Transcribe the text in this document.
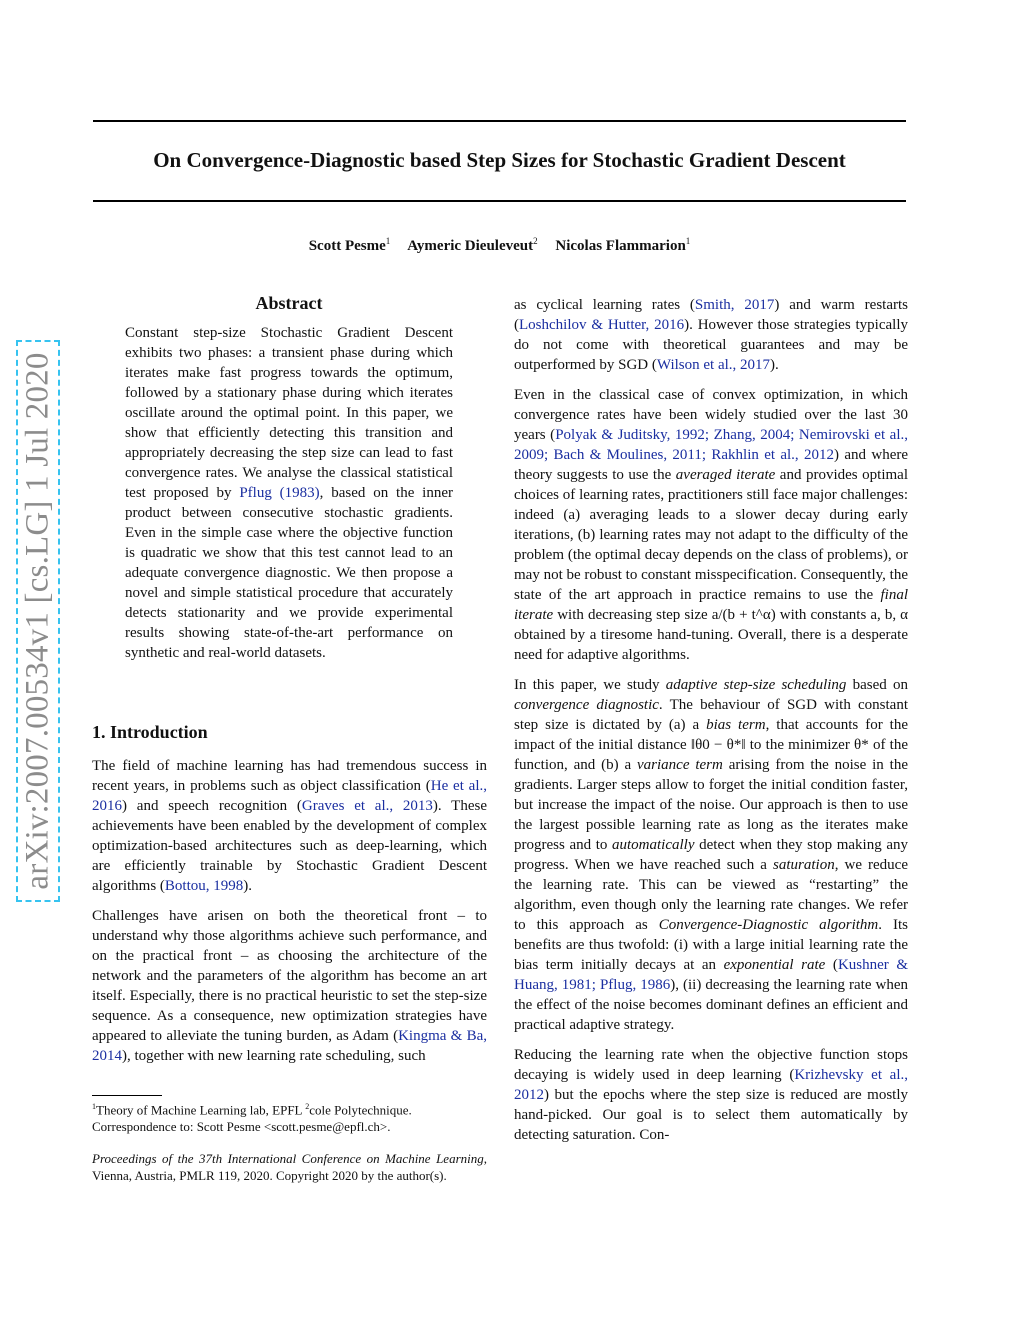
On Convergence-Diagnostic based Step Sizes for Stochastic Gradient Descent
Scott Pesme$^1$ Aymeric Dieuleveut$^2$ Nicolas Flammarion$^1$
arXiv:2007.00534v1 [cs.LG] 1 Jul 2020
Abstract

Constant step-size Stochastic Gradient Descent exhibits two phases: a transient phase during which iterates make fast progress towards the optimum, followed by a stationary phase during which iterates oscillate around the optimal point. In this paper, we show that efficiently detecting this transition and appropriately decreasing the step size can lead to fast convergence rates. We analyse the classical statistical test proposed by Pflug (1983), based on the inner product between consecutive stochastic gradients. Even in the simple case where the objective function is quadratic we show that this test cannot lead to an adequate convergence diagnostic. We then propose a novel and simple statistical procedure that accurately detects stationarity and we provide experimental results showing state-of-the-art performance on synthetic and real-world datasets.

1. Introduction

The field of machine learning has had tremendous success in recent years, in problems such as object classification (He et al., 2016) and speech recognition (Graves et al., 2013). These achievements have been enabled by the development of complex optimization-based architectures such as deep-learning, which are efficiently trainable by Stochastic Gradient Descent algorithms (Bottou, 1998).

Challenges have arisen on both the theoretical front – to understand why those algorithms achieve such performance, and on the practical front – as choosing the architecture of the network and the parameters of the algorithm has become an art itself. Especially, there is no practical heuristic to set the step-size sequence. As a consequence, new optimization strategies have appeared to alleviate the tuning burden, as Adam (Kingma & Ba, 2014), together with new learning rate scheduling, such

$^1$Theory of Machine Learning lab, EPFL $^2$cole Polytechnique. Correspondence to: Scott Pesme <scott.pesme@epfl.ch>.
Proceedings of the 37th International Conference on Machine Learning, Vienna, Austria, PMLR 119, 2020. Copyright 2020 by the author(s).

as cyclical learning rates (Smith, 2017) and warm restarts (Loshchilov & Hutter, 2016). However those strategies typically do not come with theoretical guarantees and may be outperformed by SGD (Wilson et al., 2017).

Even in the classical case of convex optimization, in which convergence rates have been widely studied over the last 30 years (Polyak & Juditsky, 1992; Zhang, 2004; Nemirovski et al., 2009; Bach & Moulines, 2011; Rakhlin et al., 2012) and where theory suggests to use the averaged iterate and provides optimal choices of learning rates, practitioners still face major challenges: indeed (a) averaging leads to a slower decay during early iterations, (b) learning rates may not adapt to the difficulty of the problem (the optimal decay depends on the class of problems), or may not be robust to constant misspecification. Consequently, the state of the art approach in practice remains to use the final iterate with decreasing step size a/(b + t^α) with constants a, b, α obtained by a tiresome hand-tuning. Overall, there is a desperate need for adaptive algorithms.

In this paper, we study adaptive step-size scheduling based on convergence diagnostic. The behaviour of SGD with constant step size is dictated by (a) a bias term, that accounts for the impact of the initial distance ‖θ0 − θ*‖ to the minimizer θ* of the function, and (b) a variance term arising from the noise in the gradients. Larger steps allow to forget the initial condition faster, but increase the impact of the noise. Our approach is then to use the largest possible learning rate as long as the iterates make progress and to automatically detect when they stop making any progress. When we have reached such a saturation, we reduce the learning rate. This can be viewed as “restarting” the algorithm, even though only the learning rate changes. We refer to this approach as Convergence-Diagnostic algorithm. Its benefits are thus twofold: (i) with a large initial learning rate the bias term initially decays at an exponential rate (Kushner & Huang, 1981; Pflug, 1986), (ii) decreasing the learning rate when the effect of the noise becomes dominant defines an efficient and practical adaptive strategy.

Reducing the learning rate when the objective function stops decaying is widely used in deep learning (Krizhevsky et al., 2012) but the epochs where the step size is reduced are mostly hand-picked. Our goal is to select them automatically by detecting saturation. Con-
